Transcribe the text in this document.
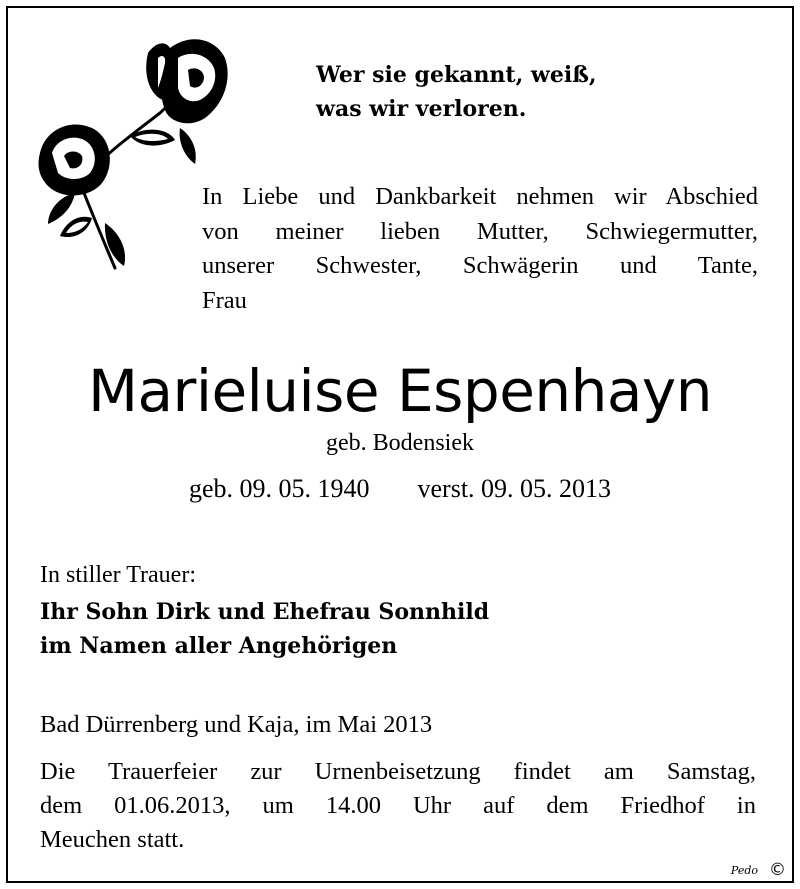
Wer sie gekannt, weiß,
was wir verloren.
In Liebe und Dankbarkeit nehmen wir Abschied
von meiner lieben Mutter, Schwiegermutter,
unserer Schwester, Schwägerin und Tante,
Frau
Marieluise Espenhayn
geb. Bodensiek
geb. 09. 05. 1940 verst. 09. 05. 2013
In stiller Trauer:
Ihr Sohn Dirk und Ehefrau Sonnhild
im Namen aller Angehörigen
Bad Dürrenberg und Kaja, im Mai 2013
Die Trauerfeier zur Urnenbeisetzung findet am Samstag,
dem 01.06.2013, um 14.00 Uhr auf dem Friedhof in
Meuchen statt.
Pedo ©
